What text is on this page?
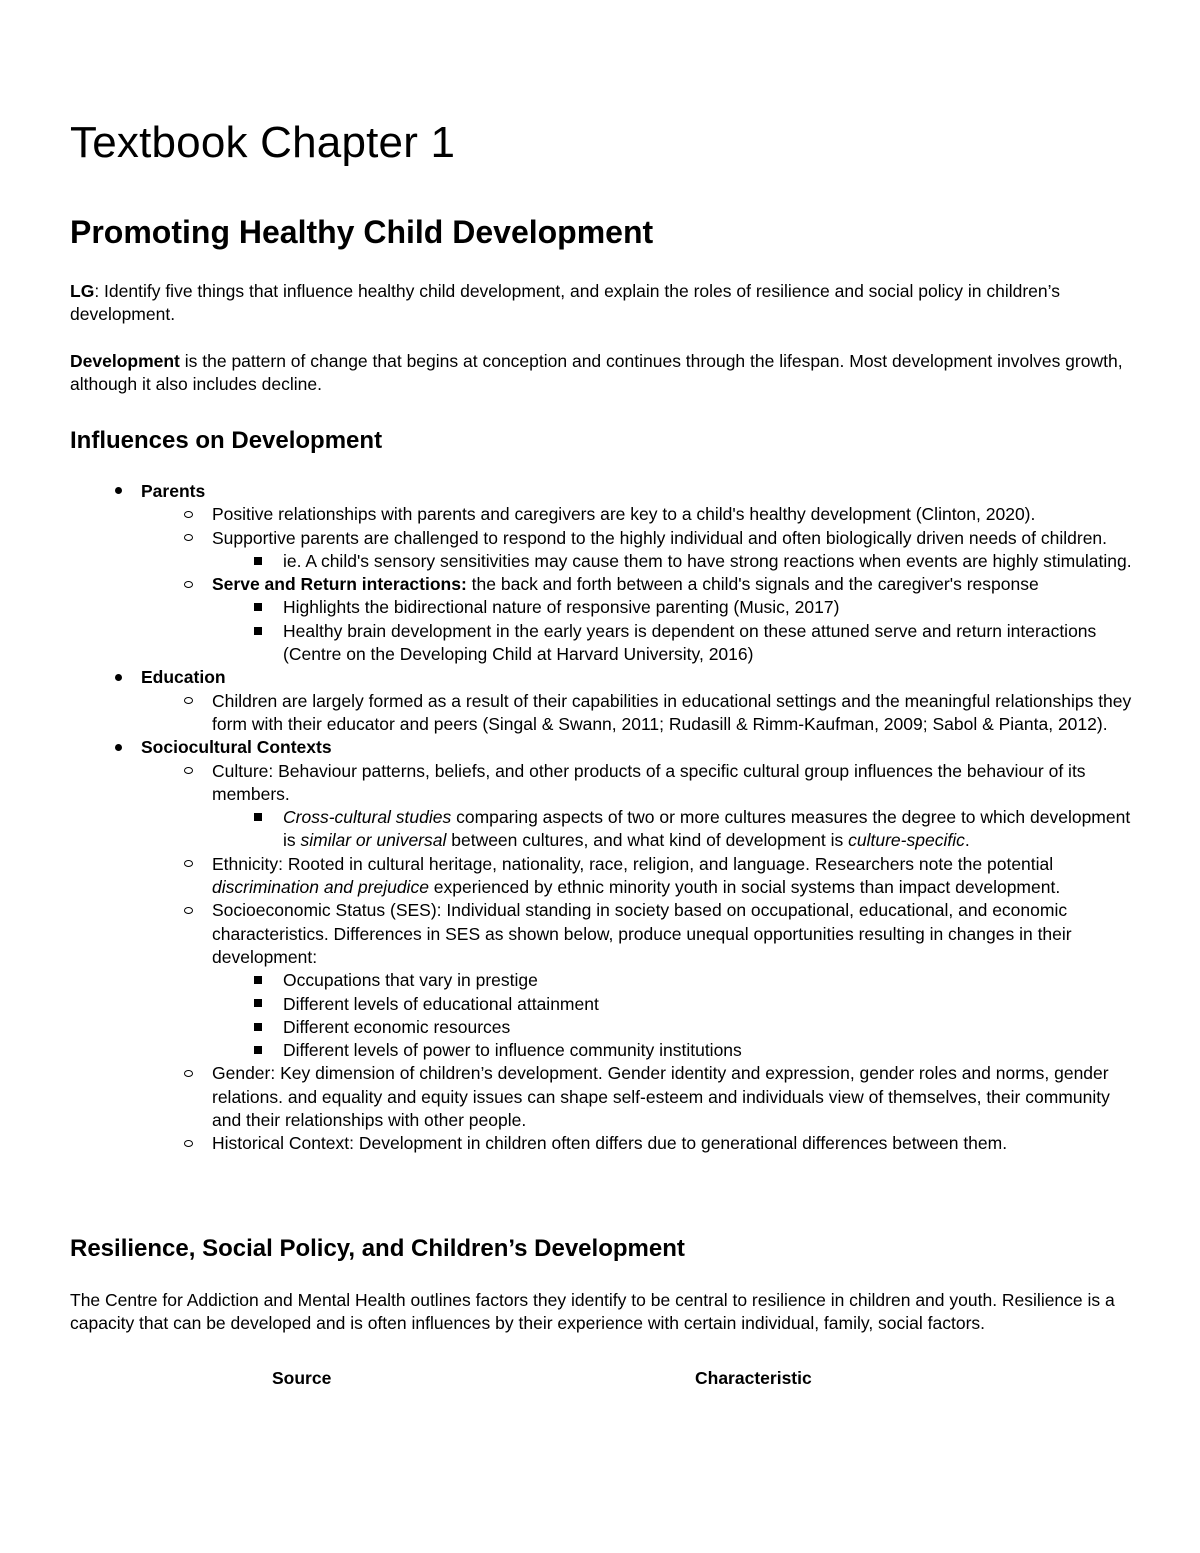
Textbook Chapter 1
Promoting Healthy Child Development

LG: Identify five things that influence healthy child development, and explain the roles of resilience and social policy in children’s development.

Development is the pattern of change that begins at conception and continues through the lifespan. Most development involves growth, although it also includes decline.

Influences on Development
Parents
Positive relationships with parents and caregivers are key to a child's healthy development (Clinton, 2020).
Supportive parents are challenged to respond to the highly individual and often biologically driven needs of children.
ie. A child's sensory sensitivities may cause them to have strong reactions when events are highly stimulating.
Serve and Return interactions: the back and forth between a child's signals and the caregiver's response
Highlights the bidirectional nature of responsive parenting (Music, 2017)
Healthy brain development in the early years is dependent on these attuned serve and return interactions (Centre on the Developing Child at Harvard University, 2016)
Education
Children are largely formed as a result of their capabilities in educational settings and the meaningful relationships they form with their educator and peers (Singal & Swann, 2011; Rudasill & Rimm-Kaufman, 2009; Sabol & Pianta, 2012).
Sociocultural Contexts
Culture: Behaviour patterns, beliefs, and other products of a specific cultural group influences the behaviour of its members.
Cross-cultural studies comparing aspects of two or more cultures measures the degree to which development is similar or universal between cultures, and what kind of development is culture-specific.
Ethnicity: Rooted in cultural heritage, nationality, race, religion, and language. Researchers note the potential discrimination and prejudice experienced by ethnic minority youth in social systems than impact development.
Socioeconomic Status (SES): Individual standing in society based on occupational, educational, and economic characteristics. Differences in SES as shown below, produce unequal opportunities resulting in changes in their development:
Occupations that vary in prestige
Different levels of educational attainment
Different economic resources
Different levels of power to influence community institutions
Gender: Key dimension of children’s development. Gender identity and expression, gender roles and norms, gender relations. and equality and equity issues can shape self-esteem and individuals view of themselves, their community and their relationships with other people.
Historical Context: Development in children often differs due to generational differences between them.
Resilience, Social Policy, and Children’s Development

The Centre for Addiction and Mental Health outlines factors they identify to be central to resilience in children and youth. Resilience is a capacity that can be developed and is often influences by their experience with certain individual, family, social factors.

Source	Characteristic
